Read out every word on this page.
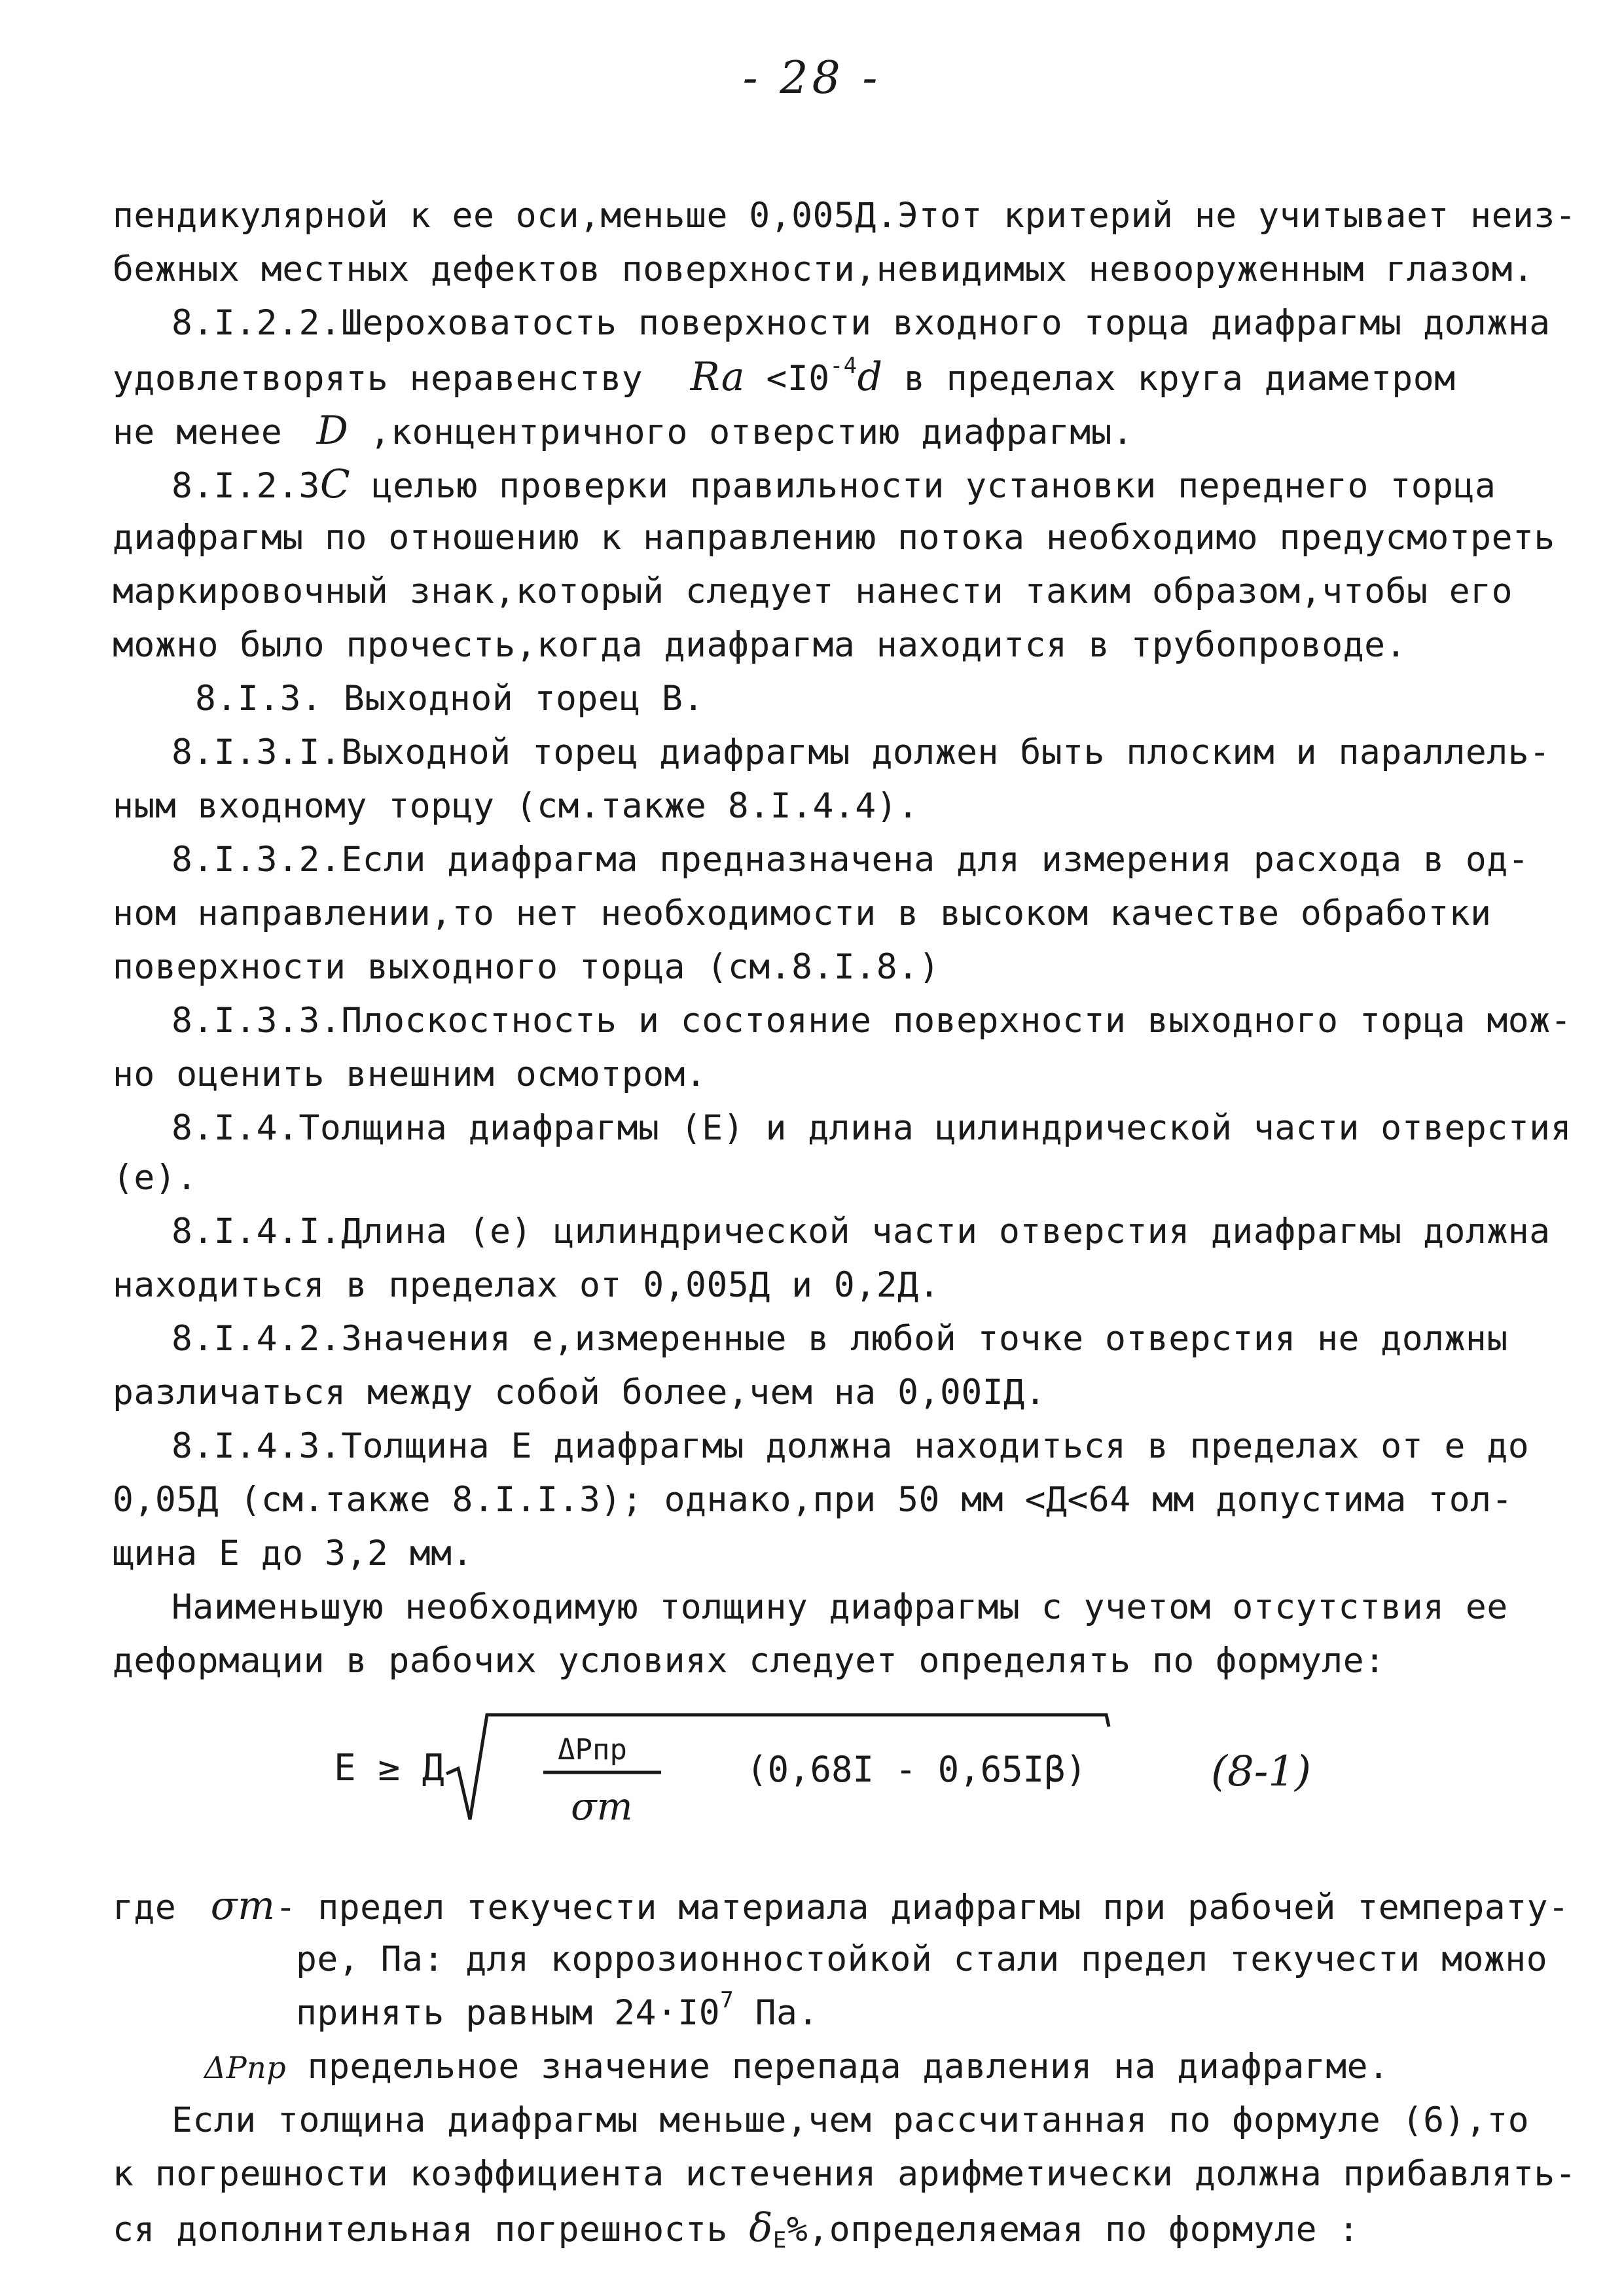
- 28 -
пендикулярной к ее оси,меньше 0,005Д.Этот критерий не учитывает неиз-
бежных местных дефектов поверхности,невидимых невооруженным глазом.
8.I.2.2.Шероховатость поверхности входного торца диафрагмы должна
удовлетворять неравенству $Ra <I0^{-4}d$ в пределах круга диаметром
не менее D ,концентричного отверстию диафрагмы.
8.I.2.3С целью проверки правильности установки переднего торца
диафрагмы по отношению к направлению потока необходимо предусмотреть
маркировочный знак,который следует нанести таким образом,чтобы его
можно было прочесть,когда диафрагма находится в трубопроводе.
8.I.3. Выходной торец В.
8.I.3.I.Выходной торец диафрагмы должен быть плоским и параллель-
ным входному торцу (см.также 8.I.4.4).
8.I.3.2.Если диафрагма предназначена для измерения расхода в од-
ном направлении,то нет необходимости в высоком качестве обработки
поверхности выходного торца (см.8.I.8.)
8.I.3.3.Плоскостность и состояние поверхности выходного торца мож-
но оценить внешним осмотром.
8.I.4.Толщина диафрагмы (Е) и длина цилиндрической части отверстия
(е).
8.I.4.I.Длина (е) цилиндрической части отверстия диафрагмы должна
находиться в пределах от 0,005Д и 0,2Д.
8.I.4.2.Значения е,измеренные в любой точке отверстия не должны
различаться между собой более,чем на 0,00IД.
8.I.4.3.Толщина Е диафрагмы должна находиться в пределах от е до
0,05Д (см.также 8.I.I.3); однако,при 50 мм <Д<64 мм допустима тол-
щина Е до 3,2 мм.
Наименьшую необходимую толщину диафрагмы с учетом отсутствия ее
деформации в рабочих условиях следует определять по формуле:
Е ≥ Д	ΔPпр
σт
(0,68I - 0,65Iβ)	(8-1)
где σт- предел текучести материала диафрагмы при рабочей температу-
ре, Па: для коррозионностойкой стали предел текучести можно
принять равным $24\cdot I0^7$ Па.
ΔPпр предельное значение перепада давления на диафрагме.
Если толщина диафрагмы меньше,чем рассчитанная по формуле (6),то
к погрешности коэффициента истечения арифметически должна прибавлять-
ся дополнительная погрешность $\delta_Е\%,определяемая$ по формуле :
